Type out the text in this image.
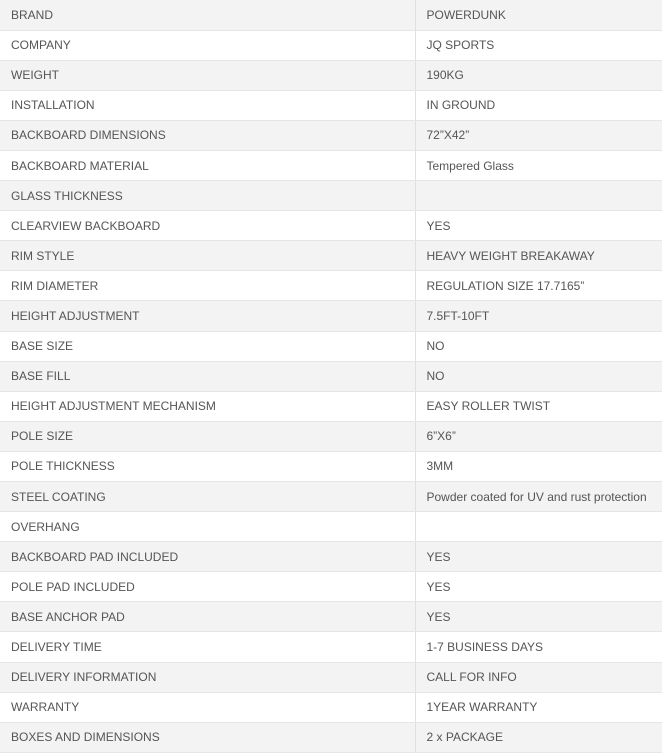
BRAND	POWERDUNK
COMPANY	JQ SPORTS
WEIGHT	190KG
INSTALLATION	IN GROUND
BACKBOARD DIMENSIONS	72”X42”
BACKBOARD MATERIAL	Tempered Glass
GLASS THICKNESS	
CLEARVIEW BACKBOARD	YES
RIM STYLE	HEAVY WEIGHT BREAKAWAY
RIM DIAMETER	REGULATION SIZE 17.7165”
HEIGHT ADJUSTMENT	7.5FT-10FT
BASE SIZE	NO
BASE FILL	NO
HEIGHT ADJUSTMENT MECHANISM	EASY ROLLER TWIST
POLE SIZE	6”X6”
POLE THICKNESS	3MM
STEEL COATING	Powder coated for UV and rust protection
OVERHANG	
BACKBOARD PAD INCLUDED	YES
POLE PAD INCLUDED	YES
BASE ANCHOR PAD	YES
DELIVERY TIME	1-7 BUSINESS DAYS
DELIVERY INFORMATION	CALL FOR INFO
WARRANTY	1YEAR WARRANTY
BOXES AND DIMENSIONS	2 x PACKAGE
